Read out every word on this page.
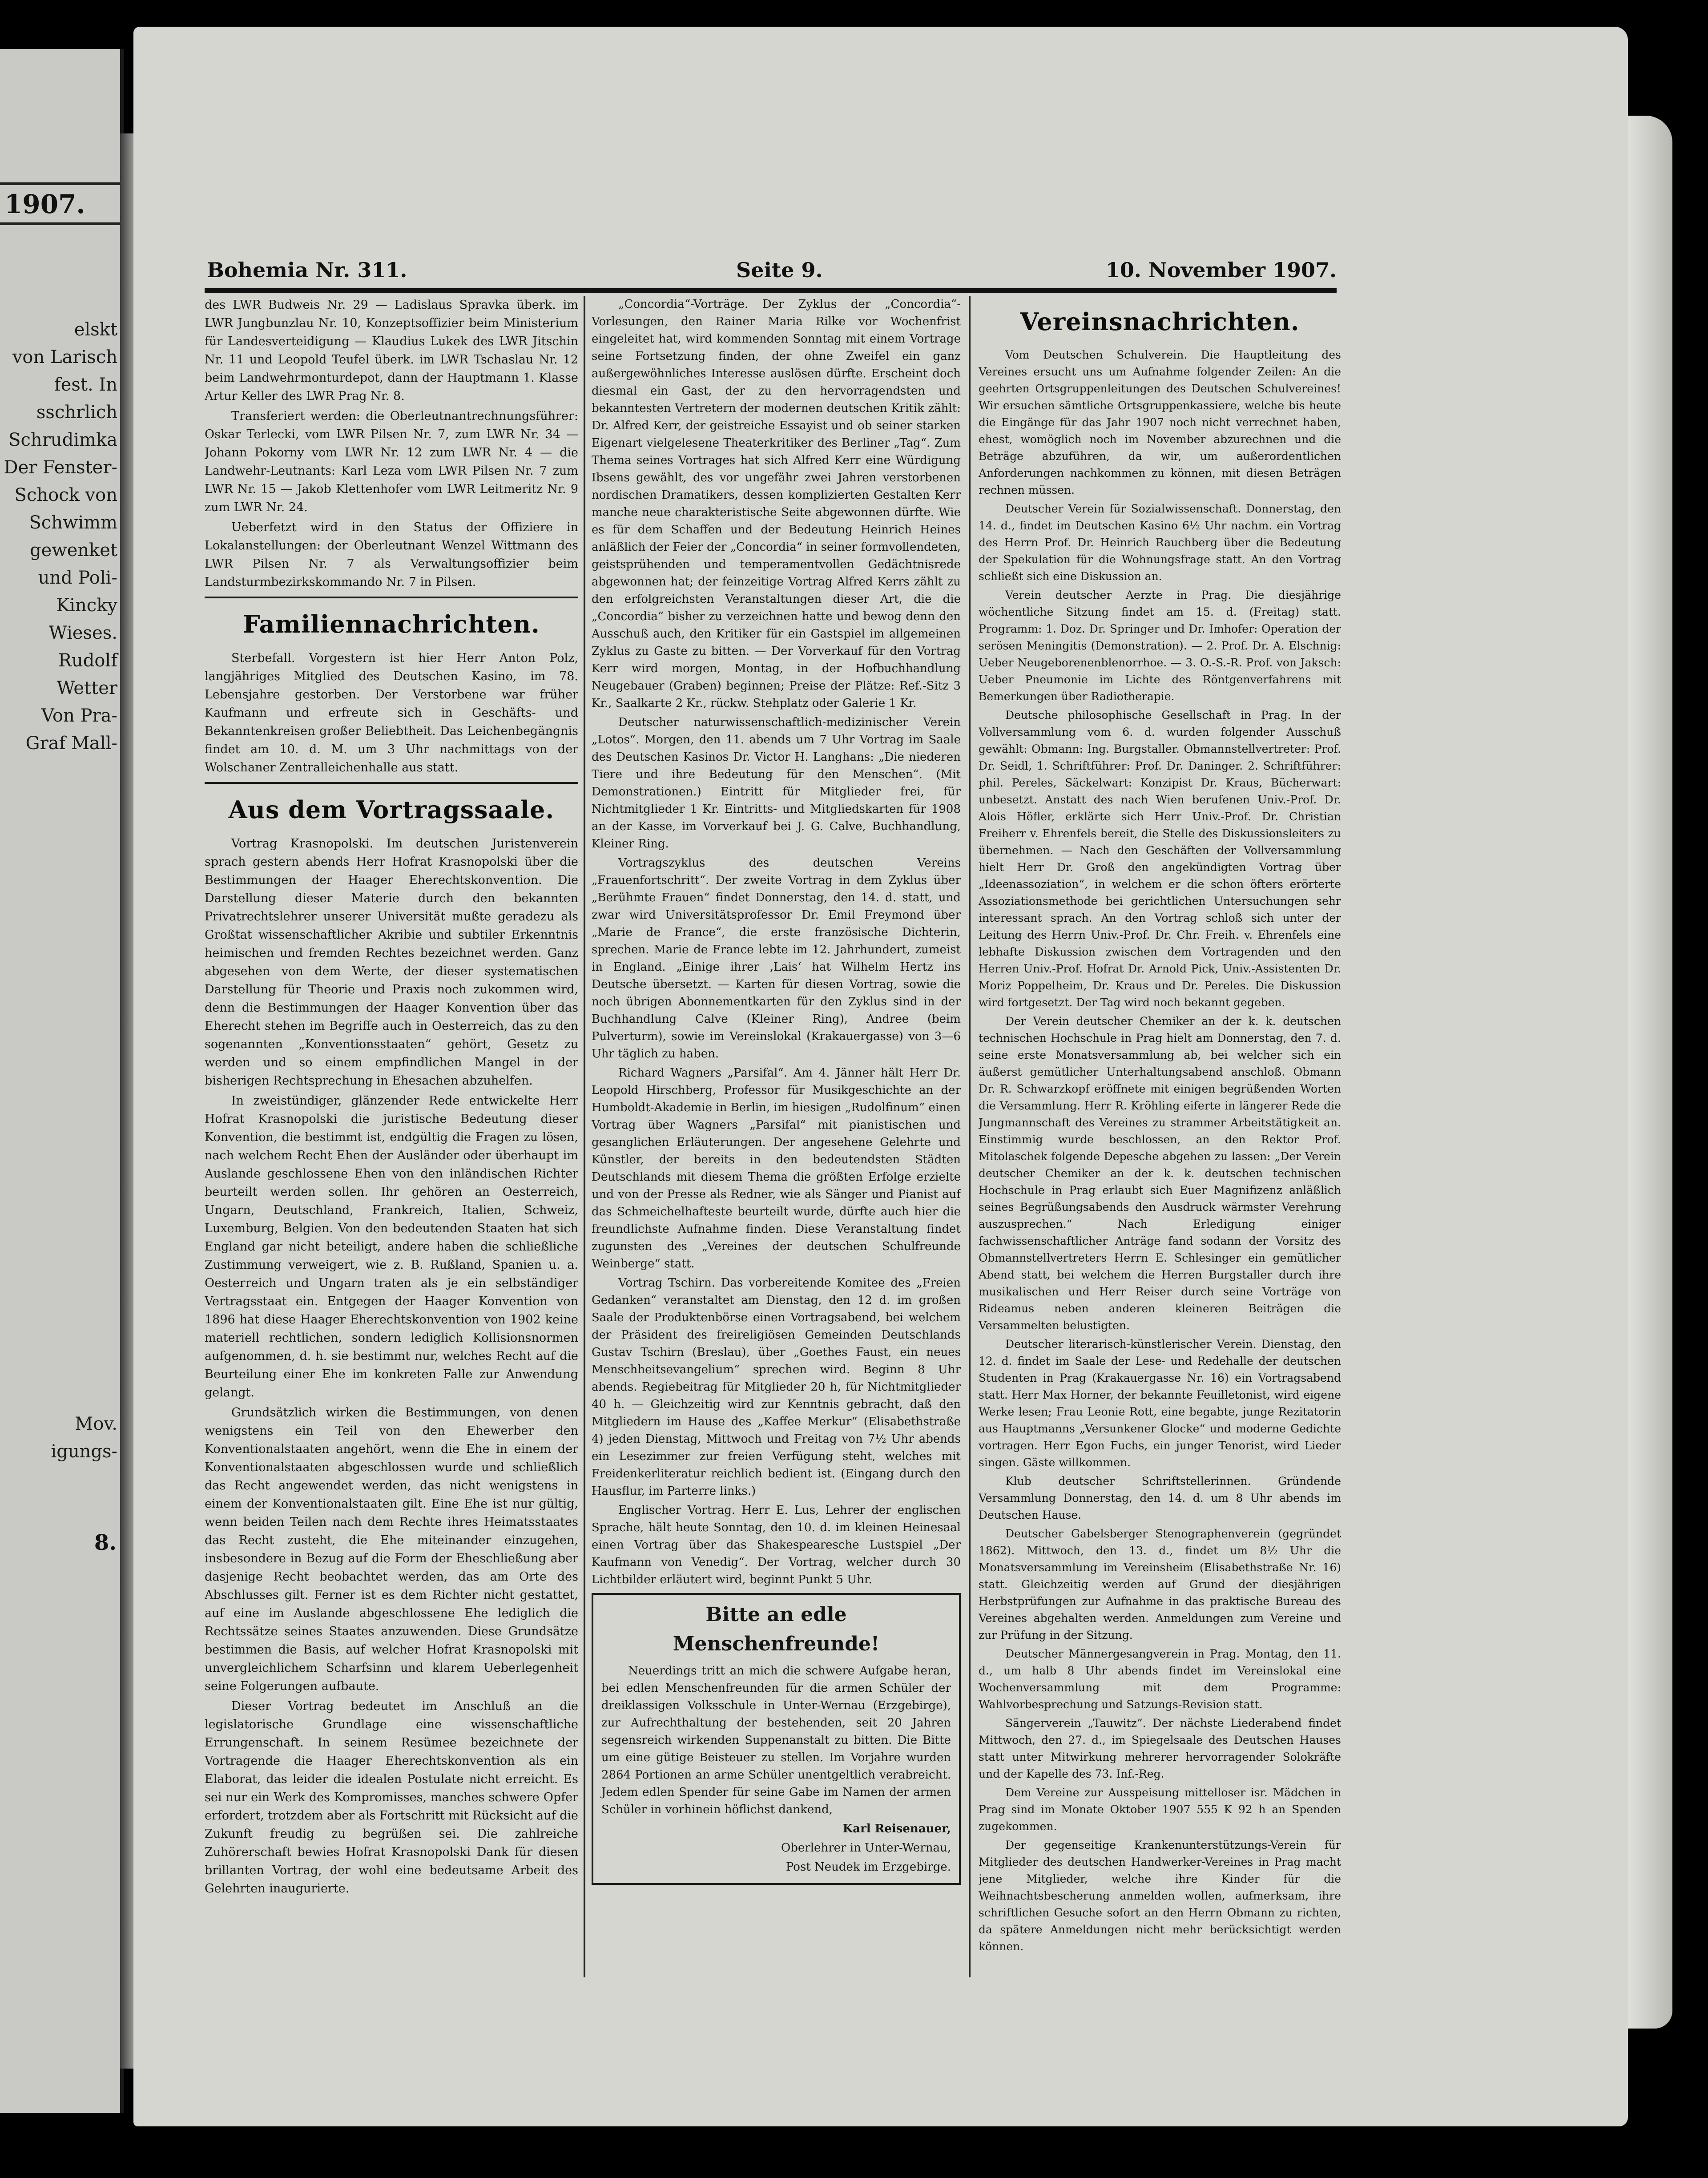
1907.
elskt
von Larisch
fest. In
sschrlich
Schrudimka
Der Fenster-
Schock von
Schwimm
gewenket
und Poli-
Kincky
Wieses.
Rudolf
Wetter
Von Pra-
Graf Mall-
Mov.
igungs-
8.
Bohemia Nr. 311.	Seite 9.	10. November 1907.

des LWR Budweis Nr. 29 — Ladislaus Spravka überk. im LWR Jungbunzlau Nr. 10, Konzeptsoffizier beim Ministerium für Landesverteidigung — Klaudius Lukek des LWR Jitschin Nr. 11 und Leopold Teufel überk. im LWR Tschaslau Nr. 12 beim Landwehrmonturdepot, dann der Hauptmann 1. Klasse Artur Keller des LWR Prag Nr. 8.

Transferiert werden: die Oberleutnantrechnungsführer: Oskar Terlecki, vom LWR Pilsen Nr. 7, zum LWR Nr. 34 — Johann Pokorny vom LWR Nr. 12 zum LWR Nr. 4 — die Landwehr-Leutnants: Karl Leza vom LWR Pilsen Nr. 7 zum LWR Nr. 15 — Jakob Klettenhofer vom LWR Leitmeritz Nr. 9 zum LWR Nr. 24.

Ueberfetzt wird in den Status der Offiziere in Lokalanstellungen: der Oberleutnant Wenzel Wittmann des LWR Pilsen Nr. 7 als Verwaltungsoffizier beim Landsturmbezirkskommando Nr. 7 in Pilsen.

Familiennachrichten.

Sterbefall. Vorgestern ist hier Herr Anton Polz, langjähriges Mitglied des Deutschen Kasino, im 78. Lebensjahre gestorben. Der Verstorbene war früher Kaufmann und erfreute sich in Geschäfts- und Bekanntenkreisen großer Beliebtheit. Das Leichenbegängnis findet am 10. d. M. um 3 Uhr nachmittags von der Wolschaner Zentralleichenhalle aus statt.

Aus dem Vortragssaale.

Vortrag Krasnopolski. Im deutschen Juristenverein sprach gestern abends Herr Hofrat Krasnopolski über die Bestimmungen der Haager Eherechtskonvention. Die Darstellung dieser Materie durch den bekannten Privatrechtslehrer unserer Universität mußte geradezu als Großtat wissenschaftlicher Akribie und subtiler Erkenntnis heimischen und fremden Rechtes bezeichnet werden. Ganz abgesehen von dem Werte, der dieser systematischen Darstellung für Theorie und Praxis noch zukommen wird, denn die Bestimmungen der Haager Konvention über das Eherecht stehen im Begriffe auch in Oesterreich, das zu den sogenannten „Konventionsstaaten“ gehört, Gesetz zu werden und so einem empfindlichen Mangel in der bisherigen Rechtsprechung in Ehesachen abzuhelfen.

In zweistündiger, glänzender Rede entwickelte Herr Hofrat Krasnopolski die juristische Bedeutung dieser Konvention, die bestimmt ist, endgültig die Fragen zu lösen, nach welchem Recht Ehen der Ausländer oder überhaupt im Auslande geschlossene Ehen von den inländischen Richter beurteilt werden sollen. Ihr gehören an Oesterreich, Ungarn, Deutschland, Frankreich, Italien, Schweiz, Luxemburg, Belgien. Von den bedeutenden Staaten hat sich England gar nicht beteiligt, andere haben die schließliche Zustimmung verweigert, wie z. B. Rußland, Spanien u. a. Oesterreich und Ungarn traten als je ein selbständiger Vertragsstaat ein. Entgegen der Haager Konvention von 1896 hat diese Haager Eherechtskonvention von 1902 keine materiell rechtlichen, sondern lediglich Kollisionsnormen aufgenommen, d. h. sie bestimmt nur, welches Recht auf die Beurteilung einer Ehe im konkreten Falle zur Anwendung gelangt.

Grundsätzlich wirken die Bestimmungen, von denen wenigstens ein Teil von den Ehewerber den Konventionalstaaten angehört, wenn die Ehe in einem der Konventionalstaaten abgeschlossen wurde und schließlich das Recht angewendet werden, das nicht wenigstens in einem der Konventionalstaaten gilt. Eine Ehe ist nur gültig, wenn beiden Teilen nach dem Rechte ihres Heimatsstaates das Recht zusteht, die Ehe miteinander einzugehen, insbesondere in Bezug auf die Form der Eheschließung aber dasjenige Recht beobachtet werden, das am Orte des Abschlusses gilt. Ferner ist es dem Richter nicht gestattet, auf eine im Auslande abgeschlossene Ehe lediglich die Rechtssätze seines Staates anzuwenden. Diese Grundsätze bestimmen die Basis, auf welcher Hofrat Krasnopolski mit unvergleichlichem Scharfsinn und klarem Ueberlegenheit seine Folgerungen aufbaute.

Dieser Vortrag bedeutet im Anschluß an die legislatorische Grundlage eine wissenschaftliche Errungenschaft. In seinem Resümee bezeichnete der Vortragende die Haager Eherechtskonvention als ein Elaborat, das leider die idealen Postulate nicht erreicht. Es sei nur ein Werk des Kompromisses, manches schwere Opfer erfordert, trotzdem aber als Fortschritt mit Rücksicht auf die Zukunft freudig zu begrüßen sei. Die zahlreiche Zuhörerschaft bewies Hofrat Krasnopolski Dank für diesen brillanten Vortrag, der wohl eine bedeutsame Arbeit des Gelehrten inaugurierte.

„Concordia“-Vorträge. Der Zyklus der „Concordia“-Vorlesungen, den Rainer Maria Rilke vor Wochenfrist eingeleitet hat, wird kommenden Sonntag mit einem Vortrage seine Fortsetzung finden, der ohne Zweifel ein ganz außergewöhnliches Interesse auslösen dürfte. Erscheint doch diesmal ein Gast, der zu den hervorragendsten und bekanntesten Vertretern der modernen deutschen Kritik zählt: Dr. Alfred Kerr, der geistreiche Essayist und ob seiner starken Eigenart vielgelesene Theaterkritiker des Berliner „Tag“. Zum Thema seines Vortrages hat sich Alfred Kerr eine Würdigung Ibsens gewählt, des vor ungefähr zwei Jahren verstorbenen nordischen Dramatikers, dessen komplizierten Gestalten Kerr manche neue charakteristische Seite abgewonnen dürfte. Wie es für dem Schaffen und der Bedeutung Heinrich Heines anläßlich der Feier der „Concordia“ in seiner formvollendeten, geistsprühenden und temperamentvollen Gedächtnisrede abgewonnen hat; der feinzeitige Vortrag Alfred Kerrs zählt zu den erfolgreichsten Veranstaltungen dieser Art, die die „Concordia“ bisher zu verzeichnen hatte und bewog denn den Ausschuß auch, den Kritiker für ein Gastspiel im allgemeinen Zyklus zu Gaste zu bitten. — Der Vorverkauf für den Vortrag Kerr wird morgen, Montag, in der Hofbuchhandlung Neugebauer (Graben) beginnen; Preise der Plätze: Ref.-Sitz 3 Kr., Saalkarte 2 Kr., rückw. Stehplatz oder Galerie 1 Kr.

Deutscher naturwissenschaftlich-medizinischer Verein „Lotos“. Morgen, den 11. abends um 7 Uhr Vortrag im Saale des Deutschen Kasinos Dr. Victor H. Langhans: „Die niederen Tiere und ihre Bedeutung für den Menschen“. (Mit Demonstrationen.) Eintritt für Mitglieder frei, für Nichtmitglieder 1 Kr. Eintritts- und Mitgliedskarten für 1908 an der Kasse, im Vorverkauf bei J. G. Calve, Buchhandlung, Kleiner Ring.

Vortragszyklus des deutschen Vereins „Frauenfortschritt“. Der zweite Vortrag in dem Zyklus über „Berühmte Frauen“ findet Donnerstag, den 14. d. statt, und zwar wird Universitätsprofessor Dr. Emil Freymond über „Marie de France“, die erste französische Dichterin, sprechen. Marie de France lebte im 12. Jahrhundert, zumeist in England. „Einige ihrer ‚Lais‘ hat Wilhelm Hertz ins Deutsche übersetzt. — Karten für diesen Vortrag, sowie die noch übrigen Abonnementkarten für den Zyklus sind in der Buchhandlung Calve (Kleiner Ring), Andree (beim Pulverturm), sowie im Vereinslokal (Krakauergasse) von 3—6 Uhr täglich zu haben.

Richard Wagners „Parsifal“. Am 4. Jänner hält Herr Dr. Leopold Hirschberg, Professor für Musikgeschichte an der Humboldt-Akademie in Berlin, im hiesigen „Rudolfinum“ einen Vortrag über Wagners „Parsifal“ mit pianistischen und gesanglichen Erläuterungen. Der angesehene Gelehrte und Künstler, der bereits in den bedeutendsten Städten Deutschlands mit diesem Thema die größten Erfolge erzielte und von der Presse als Redner, wie als Sänger und Pianist auf das Schmeichelhafteste beurteilt wurde, dürfte auch hier die freundlichste Aufnahme finden. Diese Veranstaltung findet zugunsten des „Vereines der deutschen Schulfreunde Weinberge“ statt.

Vortrag Tschirn. Das vorbereitende Komitee des „Freien Gedanken“ veranstaltet am Dienstag, den 12 d. im großen Saale der Produktenbörse einen Vortragsabend, bei welchem der Präsident des freireligiösen Gemeinden Deutschlands Gustav Tschirn (Breslau), über „Goethes Faust, ein neues Menschheitsevangelium“ sprechen wird. Beginn 8 Uhr abends. Regiebeitrag für Mitglieder 20 h, für Nichtmitglieder 40 h. — Gleichzeitig wird zur Kenntnis gebracht, daß den Mitgliedern im Hause des „Kaffee Merkur“ (Elisabethstraße 4) jeden Dienstag, Mittwoch und Freitag von 7½ Uhr abends ein Lesezimmer zur freien Verfügung steht, welches mit Freidenkerliteratur reichlich bedient ist. (Eingang durch den Hausflur, im Parterre links.)

Englischer Vortrag. Herr E. Lus, Lehrer der englischen Sprache, hält heute Sonntag, den 10. d. im kleinen Heinesaal einen Vortrag über das Shakespearesche Lustspiel „Der Kaufmann von Venedig“. Der Vortrag, welcher durch 30 Lichtbilder erläutert wird, beginnt Punkt 5 Uhr.

Bitte an edle Menschenfreunde!

Neuerdings tritt an mich die schwere Aufgabe heran, bei edlen Menschenfreunden für die armen Schüler der dreiklassigen Volksschule in Unter-Wernau (Erzgebirge), zur Aufrechthaltung der bestehenden, seit 20 Jahren segensreich wirkenden Suppenanstalt zu bitten. Die Bitte um eine gütige Beisteuer zu stellen. Im Vorjahre wurden 2864 Portionen an arme Schüler unentgeltlich verabreicht. Jedem edlen Spender für seine Gabe im Namen der armen Schüler in vorhinein höflichst dankend,

Karl Reisenauer,

Oberlehrer in Unter-Wernau,

Post Neudek im Erzgebirge.

Vereinsnachrichten.

Vom Deutschen Schulverein. Die Hauptleitung des Vereines ersucht uns um Aufnahme folgender Zeilen: An die geehrten Ortsgruppenleitungen des Deutschen Schulvereines! Wir ersuchen sämtliche Ortsgruppenkassiere, welche bis heute die Eingänge für das Jahr 1907 noch nicht verrechnet haben, ehest, womöglich noch im November abzurechnen und die Beträge abzuführen, da wir, um außerordentlichen Anforderungen nachkommen zu können, mit diesen Beträgen rechnen müssen.

Deutscher Verein für Sozialwissenschaft. Donnerstag, den 14. d., findet im Deutschen Kasino 6½ Uhr nachm. ein Vortrag des Herrn Prof. Dr. Heinrich Rauchberg über die Bedeutung der Spekulation für die Wohnungsfrage statt. An den Vortrag schließt sich eine Diskussion an.

Verein deutscher Aerzte in Prag. Die diesjährige wöchentliche Sitzung findet am 15. d. (Freitag) statt. Programm: 1. Doz. Dr. Springer und Dr. Imhofer: Operation der serösen Meningitis (Demonstration). — 2. Prof. Dr. A. Elschnig: Ueber Neugeborenenblenorrhoe. — 3. O.-S.-R. Prof. von Jaksch: Ueber Pneumonie im Lichte des Röntgenverfahrens mit Bemerkungen über Radiotherapie.

Deutsche philosophische Gesellschaft in Prag. In der Vollversammlung vom 6. d. wurden folgender Ausschuß gewählt: Obmann: Ing. Burgstaller. Obmannstellvertreter: Prof. Dr. Seidl, 1. Schriftführer: Prof. Dr. Daninger. 2. Schriftführer: phil. Pereles, Säckelwart: Konzipist Dr. Kraus, Bücherwart: unbesetzt. Anstatt des nach Wien berufenen Univ.-Prof. Dr. Alois Höfler, erklärte sich Herr Univ.-Prof. Dr. Christian Freiherr v. Ehrenfels bereit, die Stelle des Diskussionsleiters zu übernehmen. — Nach den Geschäften der Vollversammlung hielt Herr Dr. Groß den angekündigten Vortrag über „Ideenassoziation“, in welchem er die schon öfters erörterte Assoziationsmethode bei gerichtlichen Untersuchungen sehr interessant sprach. An den Vortrag schloß sich unter der Leitung des Herrn Univ.-Prof. Dr. Chr. Freih. v. Ehrenfels eine lebhafte Diskussion zwischen dem Vortragenden und den Herren Univ.-Prof. Hofrat Dr. Arnold Pick, Univ.-Assistenten Dr. Moriz Poppelheim, Dr. Kraus und Dr. Pereles. Die Diskussion wird fortgesetzt. Der Tag wird noch bekannt gegeben.

Der Verein deutscher Chemiker an der k. k. deutschen technischen Hochschule in Prag hielt am Donnerstag, den 7. d. seine erste Monatsversammlung ab, bei welcher sich ein äußerst gemütlicher Unterhaltungsabend anschloß. Obmann Dr. R. Schwarzkopf eröffnete mit einigen begrüßenden Worten die Versammlung. Herr R. Kröhling eiferte in längerer Rede die Jungmannschaft des Vereines zu strammer Arbeitstätigkeit an. Einstimmig wurde beschlossen, an den Rektor Prof. Mitolaschek folgende Depesche abgehen zu lassen: „Der Verein deutscher Chemiker an der k. k. deutschen technischen Hochschule in Prag erlaubt sich Euer Magnifizenz anläßlich seines Begrüßungsabends den Ausdruck wärmster Verehrung auszusprechen.“ Nach Erledigung einiger fachwissenschaftlicher Anträge fand sodann der Vorsitz des Obmannstellvertreters Herrn E. Schlesinger ein gemütlicher Abend statt, bei welchem die Herren Burgstaller durch ihre musikalischen und Herr Reiser durch seine Vorträge von Rideamus neben anderen kleineren Beiträgen die Versammelten belustigten.

Deutscher literarisch-künstlerischer Verein. Dienstag, den 12. d. findet im Saale der Lese- und Redehalle der deutschen Studenten in Prag (Krakauergasse Nr. 16) ein Vortragsabend statt. Herr Max Horner, der bekannte Feuilletonist, wird eigene Werke lesen; Frau Leonie Rott, eine begabte, junge Rezitatorin aus Hauptmanns „Versunkener Glocke“ und moderne Gedichte vortragen. Herr Egon Fuchs, ein junger Tenorist, wird Lieder singen. Gäste willkommen.

Klub deutscher Schriftstellerinnen. Gründende Versammlung Donnerstag, den 14. d. um 8 Uhr abends im Deutschen Hause.

Deutscher Gabelsberger Stenographenverein (gegründet 1862). Mittwoch, den 13. d., findet um 8½ Uhr die Monatsversammlung im Vereinsheim (Elisabethstraße Nr. 16) statt. Gleichzeitig werden auf Grund der diesjährigen Herbstprüfungen zur Aufnahme in das praktische Bureau des Vereines abgehalten werden. Anmeldungen zum Vereine und zur Prüfung in der Sitzung.

Deutscher Männergesangverein in Prag. Montag, den 11. d., um halb 8 Uhr abends findet im Vereinslokal eine Wochenversammlung mit dem Programme: Wahlvorbesprechung und Satzungs-Revision statt.

Sängerverein „Tauwitz“. Der nächste Liederabend findet Mittwoch, den 27. d., im Spiegelsaale des Deutschen Hauses statt unter Mitwirkung mehrerer hervorragender Solokräfte und der Kapelle des 73. Inf.-Reg.

Dem Vereine zur Ausspeisung mittelloser isr. Mädchen in Prag sind im Monate Oktober 1907 555 K 92 h an Spenden zugekommen.

Der gegenseitige Krankenunterstützungs-Verein für Mitglieder des deutschen Handwerker-Vereines in Prag macht jene Mitglieder, welche ihre Kinder für die Weihnachtsbescherung anmelden wollen, aufmerksam, ihre schriftlichen Gesuche sofort an den Herrn Obmann zu richten, da spätere Anmeldungen nicht mehr berücksichtigt werden können.
